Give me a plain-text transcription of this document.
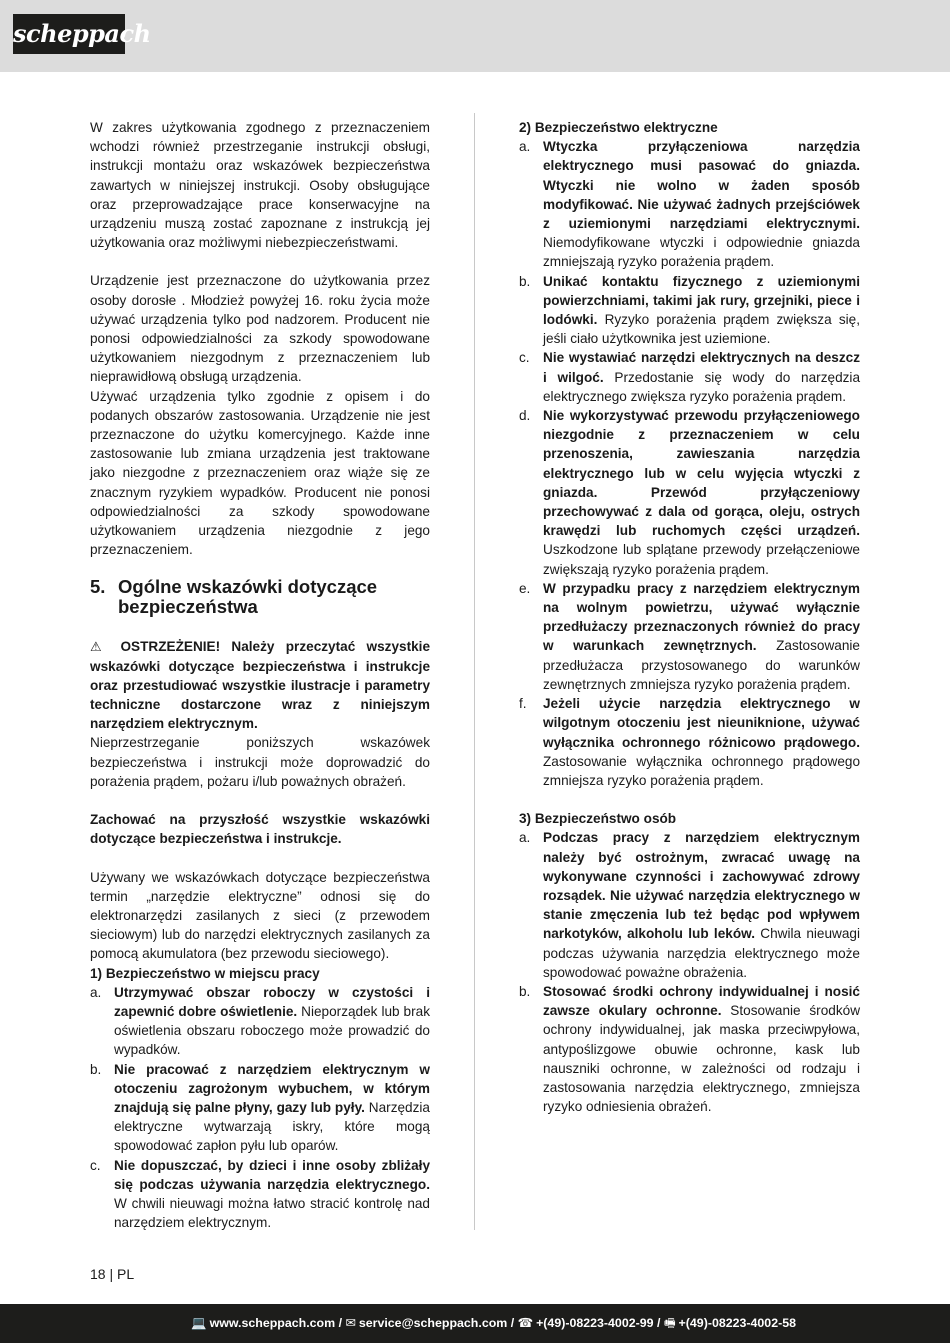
scheppach

W zakres użytkowania zgodnego z przeznaczeniem wchodzi również przestrzeganie instrukcji obsługi, instrukcji montażu oraz wskazówek bezpieczeństwa zawartych w niniejszej instrukcji. Osoby obsługujące oraz przeprowadzające prace konserwacyjne na urządzeniu muszą zostać zapoznane z instrukcją jej użytkowania oraz możliwymi niebezpieczeństwami.

Urządzenie jest przeznaczone do użytkowania przez osoby dorosłe . Młodzież powyżej 16. roku życia może używać urządzenia tylko pod nadzorem. Producent nie ponosi odpowiedzialności za szkody spowodowane użytkowaniem niezgodnym z przeznaczeniem lub nieprawidłową obsługą urządzenia.

Używać urządzenia tylko zgodnie z opisem i do podanych obszarów zastosowania. Urządzenie nie jest przeznaczone do użytku komercyjnego. Każde inne zastosowanie lub zmiana urządzenia jest traktowane jako niezgodne z przeznaczeniem oraz wiąże się ze znacznym ryzykiem wypadków. Producent nie ponosi odpowiedzialności za szkody spowodowane użytkowaniem urządzenia niezgodnie z jego przeznaczeniem.

5. Ogólne wskazówki dotyczące bezpieczeństwa

⚠ OSTRZEŻENIE! Należy przeczytać wszystkie wskazówki dotyczące bezpieczeństwa i instrukcje oraz przestudiować wszystkie ilustracje i parametry techniczne dostarczone wraz z niniejszym narzędziem elektrycznym.

Nieprzestrzeganie poniższych wskazówek bezpieczeństwa i instrukcji może doprowadzić do porażenia prądem, pożaru i/lub poważnych obrażeń.

Zachować na przyszłość wszystkie wskazówki dotyczące bezpieczeństwa i instrukcje.

Używany we wskazówkach dotyczące bezpieczeństwa termin „narzędzie elektryczne” odnosi się do elektronarzędzi zasilanych z sieci (z przewodem sieciowym) lub do narzędzi elektrycznych zasilanych za pomocą akumulatora (bez przewodu sieciowego).

1) Bezpieczeństwo w miejscu pracy
a. Utrzymywać obszar roboczy w czystości i zapewnić dobre oświetlenie. Nieporządek lub brak oświetlenia obszaru roboczego może prowadzić do wypadków.
b. Nie pracować z narzędziem elektrycznym w otoczeniu zagrożonym wybuchem, w którym znajdują się palne płyny, gazy lub pyły. Narzędzia elektryczne wytwarzają iskry, które mogą spowodować zapłon pyłu lub oparów.
c. Nie dopuszczać, by dzieci i inne osoby zbliżały się podczas używania narzędzia elektrycznego. W chwili nieuwagi można łatwo stracić kontrolę nad narzędziem elektrycznym.
2) Bezpieczeństwo elektryczne
a. Wtyczka przyłączeniowa narzędzia elektrycznego musi pasować do gniazda. Wtyczki nie wolno w żaden sposób modyfikować. Nie używać żadnych przejściówek z uziemionymi narzędziami elektrycznymi. Niemodyfikowane wtyczki i odpowiednie gniazda zmniejszają ryzyko porażenia prądem.
b. Unikać kontaktu fizycznego z uziemionymi powierzchniami, takimi jak rury, grzejniki, piece i lodówki. Ryzyko porażenia prądem zwiększa się, jeśli ciało użytkownika jest uziemione.
c. Nie wystawiać narzędzi elektrycznych na deszcz i wilgoć. Przedostanie się wody do narzędzia elektrycznego zwiększa ryzyko porażenia prądem.
d. Nie wykorzystywać przewodu przyłączeniowego niezgodnie z przeznaczeniem w celu przenoszenia, zawieszania narzędzia elektrycznego lub w celu wyjęcia wtyczki z gniazda. Przewód przyłączeniowy przechowywać z dala od gorąca, oleju, ostrych krawędzi lub ruchomych części urządzeń. Uszkodzone lub splątane przewody przełączeniowe zwiększają ryzyko porażenia prądem.
e. W przypadku pracy z narzędziem elektrycznym na wolnym powietrzu, używać wyłącznie przedłużaczy przeznaczonych również do pracy w warunkach zewnętrznych. Zastosowanie przedłużacza przystosowanego do warunków zewnętrznych zmniejsza ryzyko porażenia prądem.
f.	Jeżeli użycie narzędzia elektrycznego w wilgotnym otoczeniu jest nieuniknione, używać wyłącznika ochronnego różnicowo prądowego. Zastosowanie wyłącznika ochronnego prądowego zmniejsza ryzyko porażenia prądem.
3) Bezpieczeństwo osób
a. Podczas pracy z narzędziem elektrycznym należy być ostrożnym, zwracać uwagę na wykonywane czynności i zachowywać zdrowy rozsądek. Nie używać narzędzia elektrycznego w stanie zmęczenia lub też będąc pod wpływem narkotyków, alkoholu lub leków. Chwila nieuwagi podczas używania narzędzia elektrycznego może spowodować poważne obrażenia.
b. Stosować środki ochrony indywidualnej i nosić zawsze okulary ochronne. Stosowanie środków ochrony indywidualnej, jak maska przeciwpyłowa, antypoślizgowe obuwie ochronne, kask lub nauszniki ochronne, w zależności od rodzaju i zastosowania narzędzia elektrycznego, zmniejsza ryzyko odniesienia obrażeń.
18 | PL
💻 www.scheppach.com / ✉ service@scheppach.com / ☎ +(49)-08223-4002-99 / 🖷 +(49)-08223-4002-58
